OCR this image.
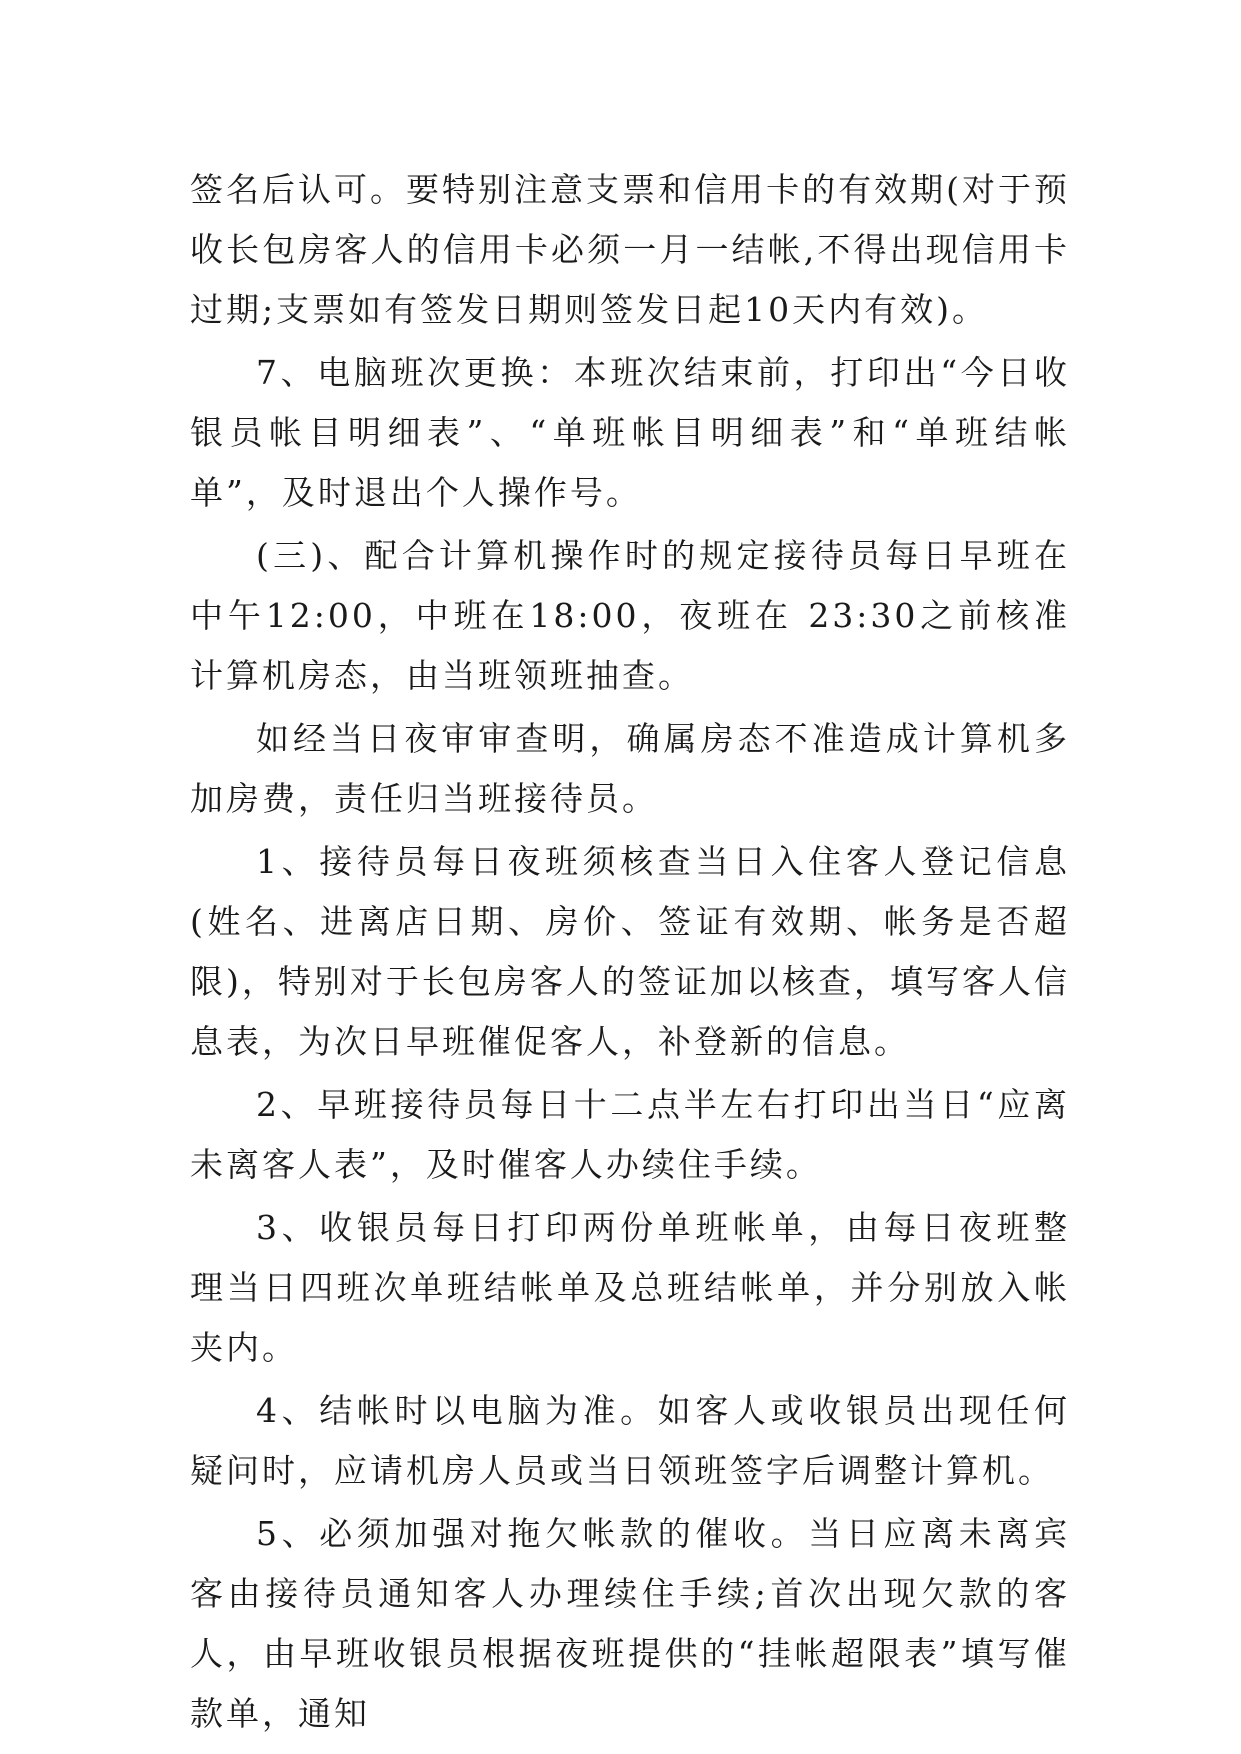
签名后认可。要特别注意支票和信用卡的有效期(对于预收长包房客人的信用卡必须一月一结帐,不得出现信用卡过期;支票如有签发日期则签发日起10天内有效)。

7、电脑班次更换：本班次结束前，打印出“今日收银员帐目明细表”、“单班帐目明细表”和“单班结帐单”，及时退出个人操作号。

(三)、配合计算机操作时的规定接待员每日早班在中午12:00，中班在18:00，夜班在 23:30之前核准计算机房态，由当班领班抽查。

如经当日夜审审查明，确属房态不准造成计算机多加房费，责任归当班接待员。

1、接待员每日夜班须核查当日入住客人登记信息(姓名、进离店日期、房价、签证有效期、帐务是否超限)，特别对于长包房客人的签证加以核查，填写客人信息表，为次日早班催促客人，补登新的信息。

2、早班接待员每日十二点半左右打印出当日“应离未离客人表”，及时催客人办续住手续。

3、收银员每日打印两份单班帐单，由每日夜班整理当日四班次单班结帐单及总班结帐单，并分别放入帐夹内。

4、结帐时以电脑为准。如客人或收银员出现任何疑问时，应请机房人员或当日领班签字后调整计算机。

5、必须加强对拖欠帐款的催收。当日应离未离宾客由接待员通知客人办理续住手续;首次出现欠款的客人，由早班收银员根据夜班提供的“挂帐超限表”填写催款单，通知
